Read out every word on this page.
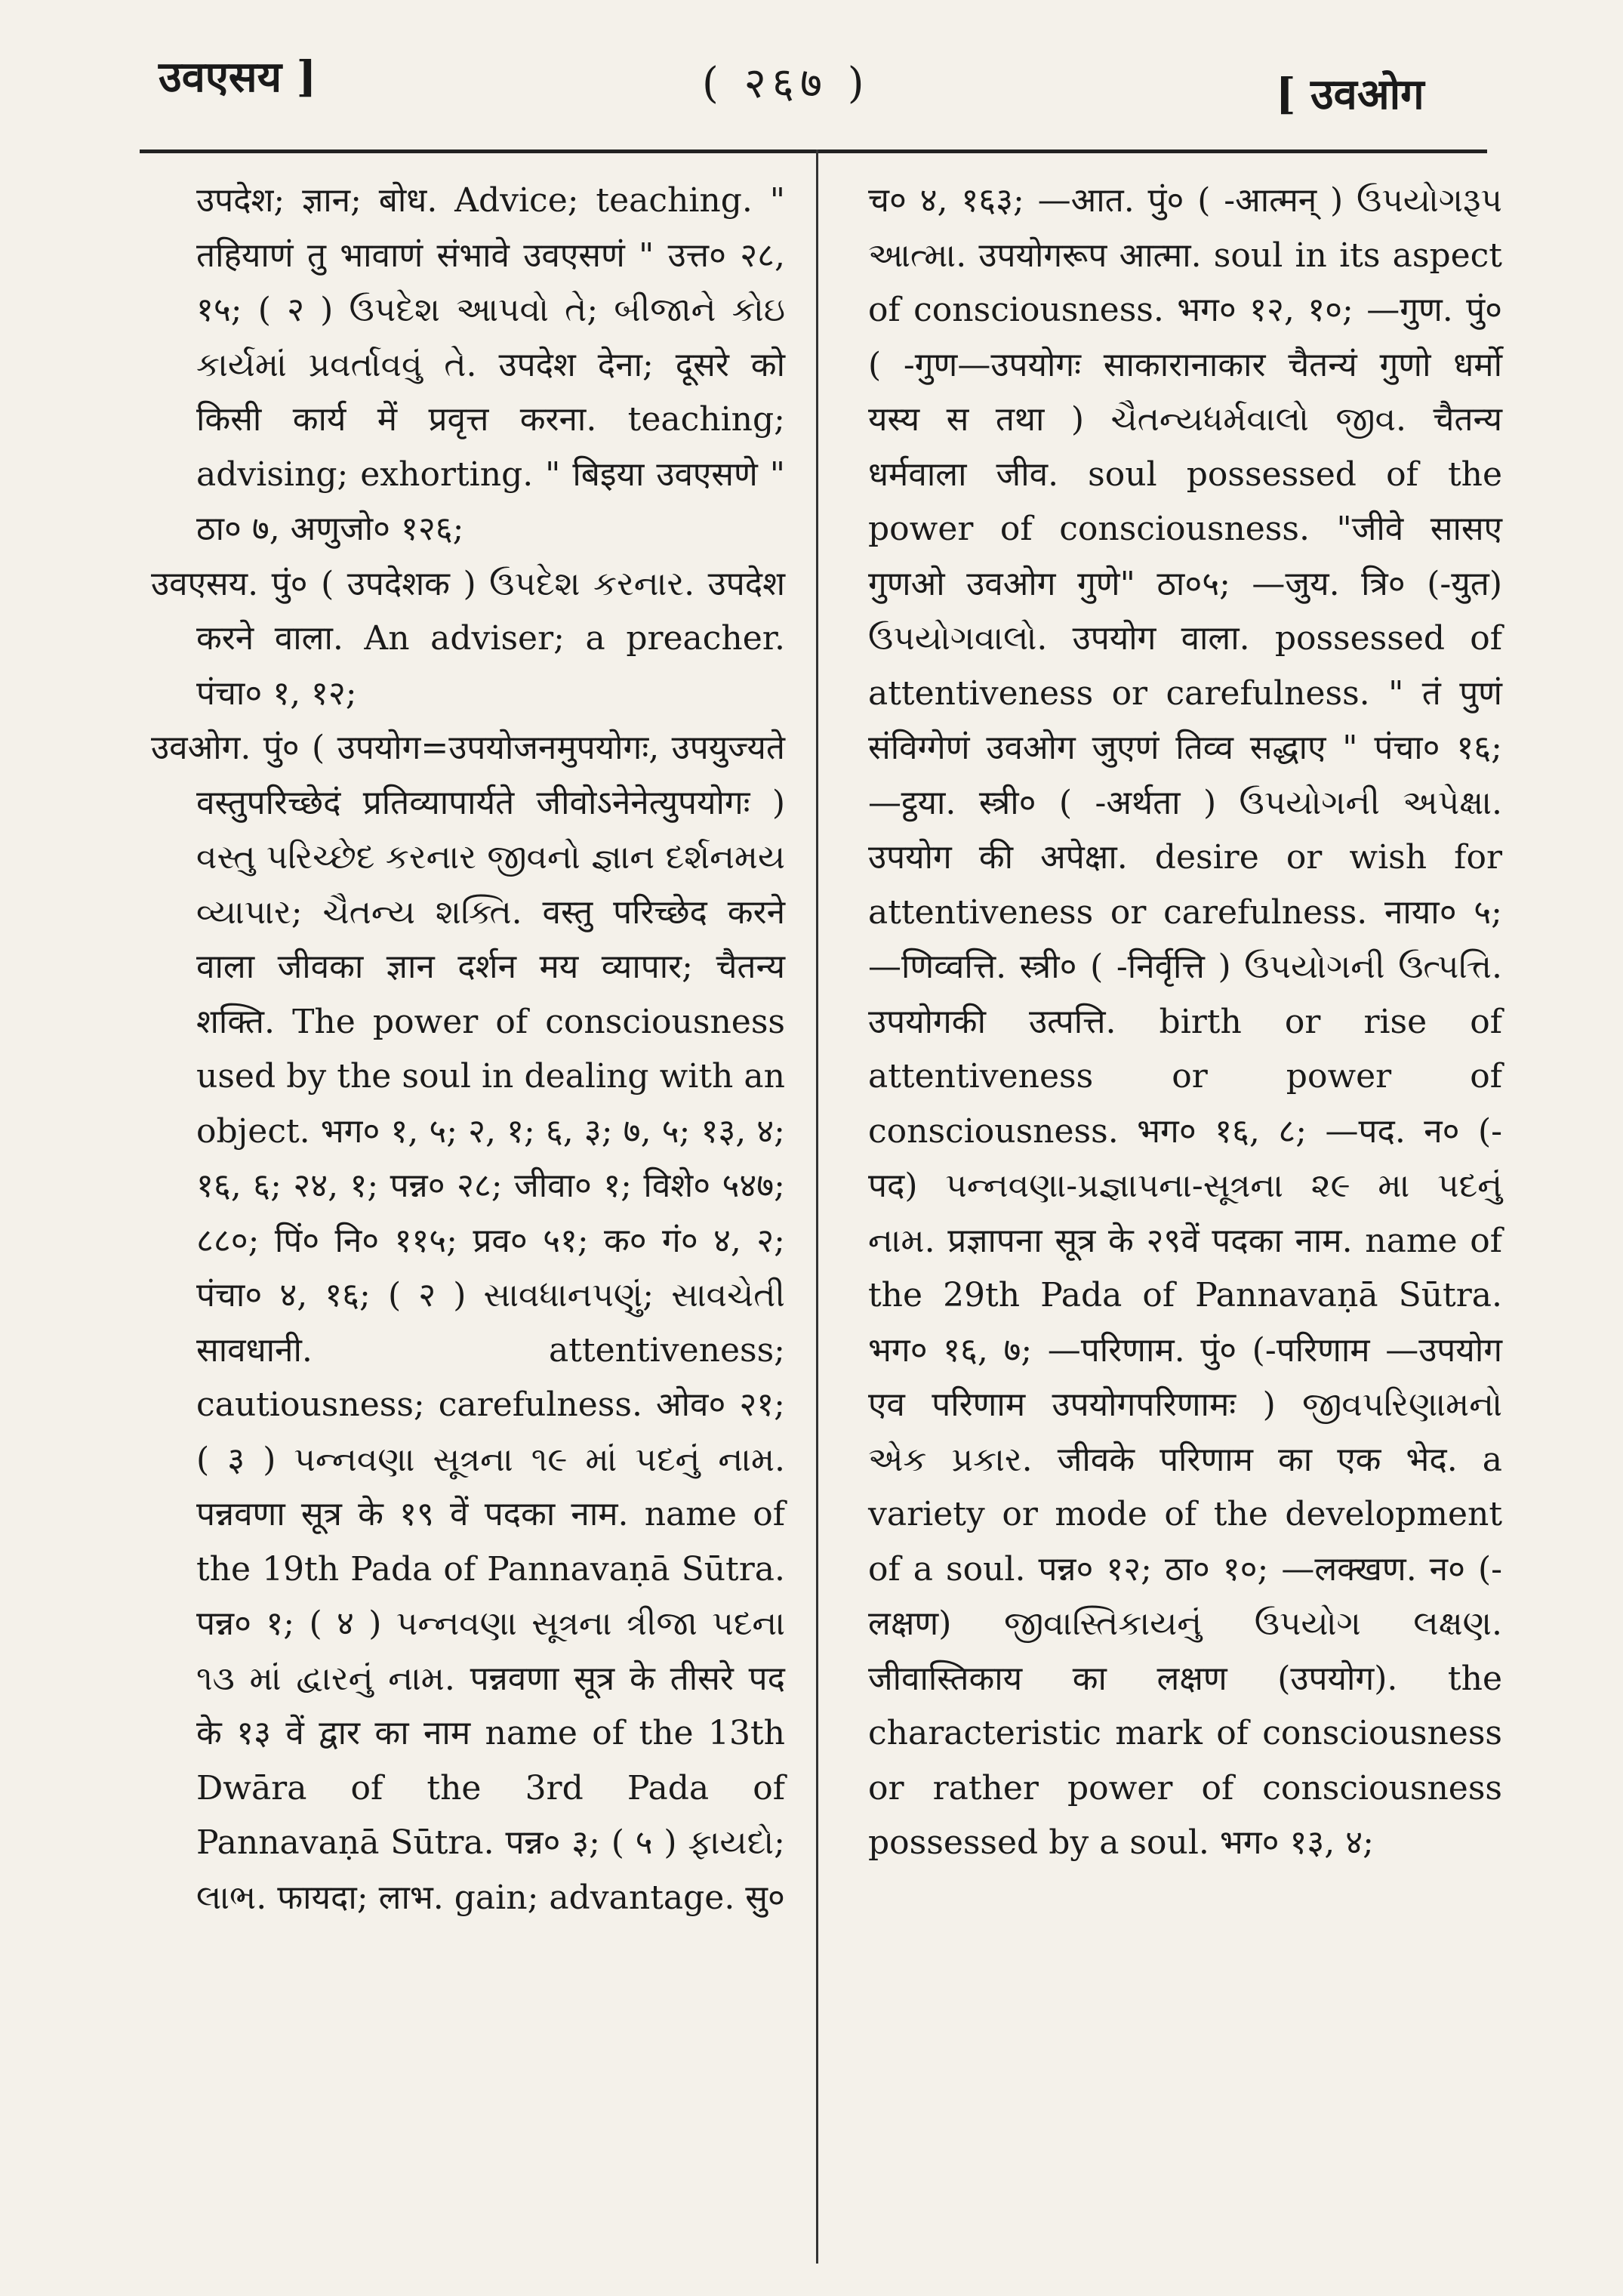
उवएसय ]	( २६७ )	[ उवओग

उपदेश; ज्ञान; बोध. Advice; teaching. " तहियाणं तु भावाणं संभावे उवएसणं " उत्त० २८, १५; ( २ ) ઉપદેશ આપવો તે; બીજાને કોઇ કાર્યમાં પ્રવર્તાવવું તે. उपदेश देना; दूसरे को किसी कार्य में प्रवृत्त करना. teaching; advising; exhorting. " बिइया उवएसणे " ठा० ७, अणुजो० १२६;

उवएसय. पुं० ( उपदेशक ) ઉપદેશ કરનાર. उपदेश करने वाला. An adviser; a preacher. पंचा० १, १२;

उवओग. पुं० ( उपयोग=उपयोजनमुपयोगः, उपयुज्यते वस्तुपरिच्छेदं प्रतिव्यापार्यते जीवोऽनेनेत्युपयोगः ) વસ્તુ પરિચ્છેદ કરનાર જીવનો જ્ઞાન દર્શનમય વ્યાપાર; ચૈતન્ય શક્તિ. वस्तु परिच्छेद करने वाला जीवका ज्ञान दर्शन मय व्यापार; चैतन्य शक्ति. The power of consciousness used by the soul in dealing with an object. भग० १, ५; २, १; ६, ३; ७, ५; १३, ४; १६, ६; २४, १; पन्न० २८; जीवा० १; विशे० ५४७; ८८०; पिं० नि० ११५; प्रव० ५१; क० गं० ४, २; पंचा० ४, १६; ( २ ) સાવધાનપણું; સાવચેતી सावधानी. attentiveness; cautiousness; carefulness. ओव० २१; ( ३ ) પન્નવણા સૂત્રના ૧૯ માં પદનું નામ. पन्नवणा सूत्र के १९ वें पदका नाम. name of the 19th Pada of Pannavaṇā Sūtra. पन्न० १; ( ४ ) પન્નવણા સૂત્રના ત્રીજા પદના ૧૩ માં દ્વારનું નામ. पन्नवणा सूत्र के तीसरे पद के १३ वें द्वार का नाम name of the 13th Dwāra of the 3rd Pada of Pannavaṇā Sūtra. पन्न० ३; ( ५ ) ફાયદો; લાભ. फायदा; लाभ. gain; advantage. सु०

च० ४, १६३; —आत. पुं० ( -आत्मन् ) ઉપયોગરૂપ આત્મા. उपयोगरूप आत्मा. soul in its aspect of consciousness. भग० १२, १०; —गुण. पुं० ( -गुण—उपयोगः साकारानाकार चैतन्यं गुणो धर्मो यस्य स तथा ) ચૈતન્યધર્મવાલો જીવ. चैतन्य धर्मवाला जीव. soul possessed of the power of consciousness. "जीवे सासए गुणओ उवओग गुणे" ठा०५; —जुय. त्रि० (-युत) ઉપયોગવાલો. उपयोग वाला. possessed of attentiveness or carefulness. " तं पुणं संविग्गेणं उवओग जुएणं तिव्व सद्धाए " पंचा० १६; —ट्ठया. स्त्री० ( -अर्थता ) ઉપયોગની અપેક્ષા. उपयोग की अपेक्षा. desire or wish for attentiveness or carefulness. नाया० ५; —णिव्वत्ति. स्त्री० ( -निर्वृत्ति ) ઉપયોગની ઉત્પત્તિ. उपयोगकी उत्पत्ति. birth or rise of attentiveness or power of consciousness. भग० १६, ८; —पद. न० (-पद) પન્નવણા-પ્રજ્ઞાપના-સૂત્રના ૨૯ મા પદનું નામ. प्रज्ञापना सूत्र के २९वें पदका नाम. name of the 29th Pada of Pannavaṇā Sūtra. भग० १६, ७; —परिणाम. पुं० (-परिणाम —उपयोग एव परिणाम उपयोगपरिणामः ) જીવપરિણામનો એક પ્રકાર. जीवके परिणाम का एक भेद. a variety or mode of the development of a soul. पन्न० १२; ठा० १०; —लक्खण. न० (-लक्षण) જીવાસ્તિકાયનું ઉપયોગ લક્ષણ. जीवास्तिकाय का लक्षण (उपयोग). the characteristic mark of consciousness or rather power of consciousness possessed by a soul. भग० १३, ४;
